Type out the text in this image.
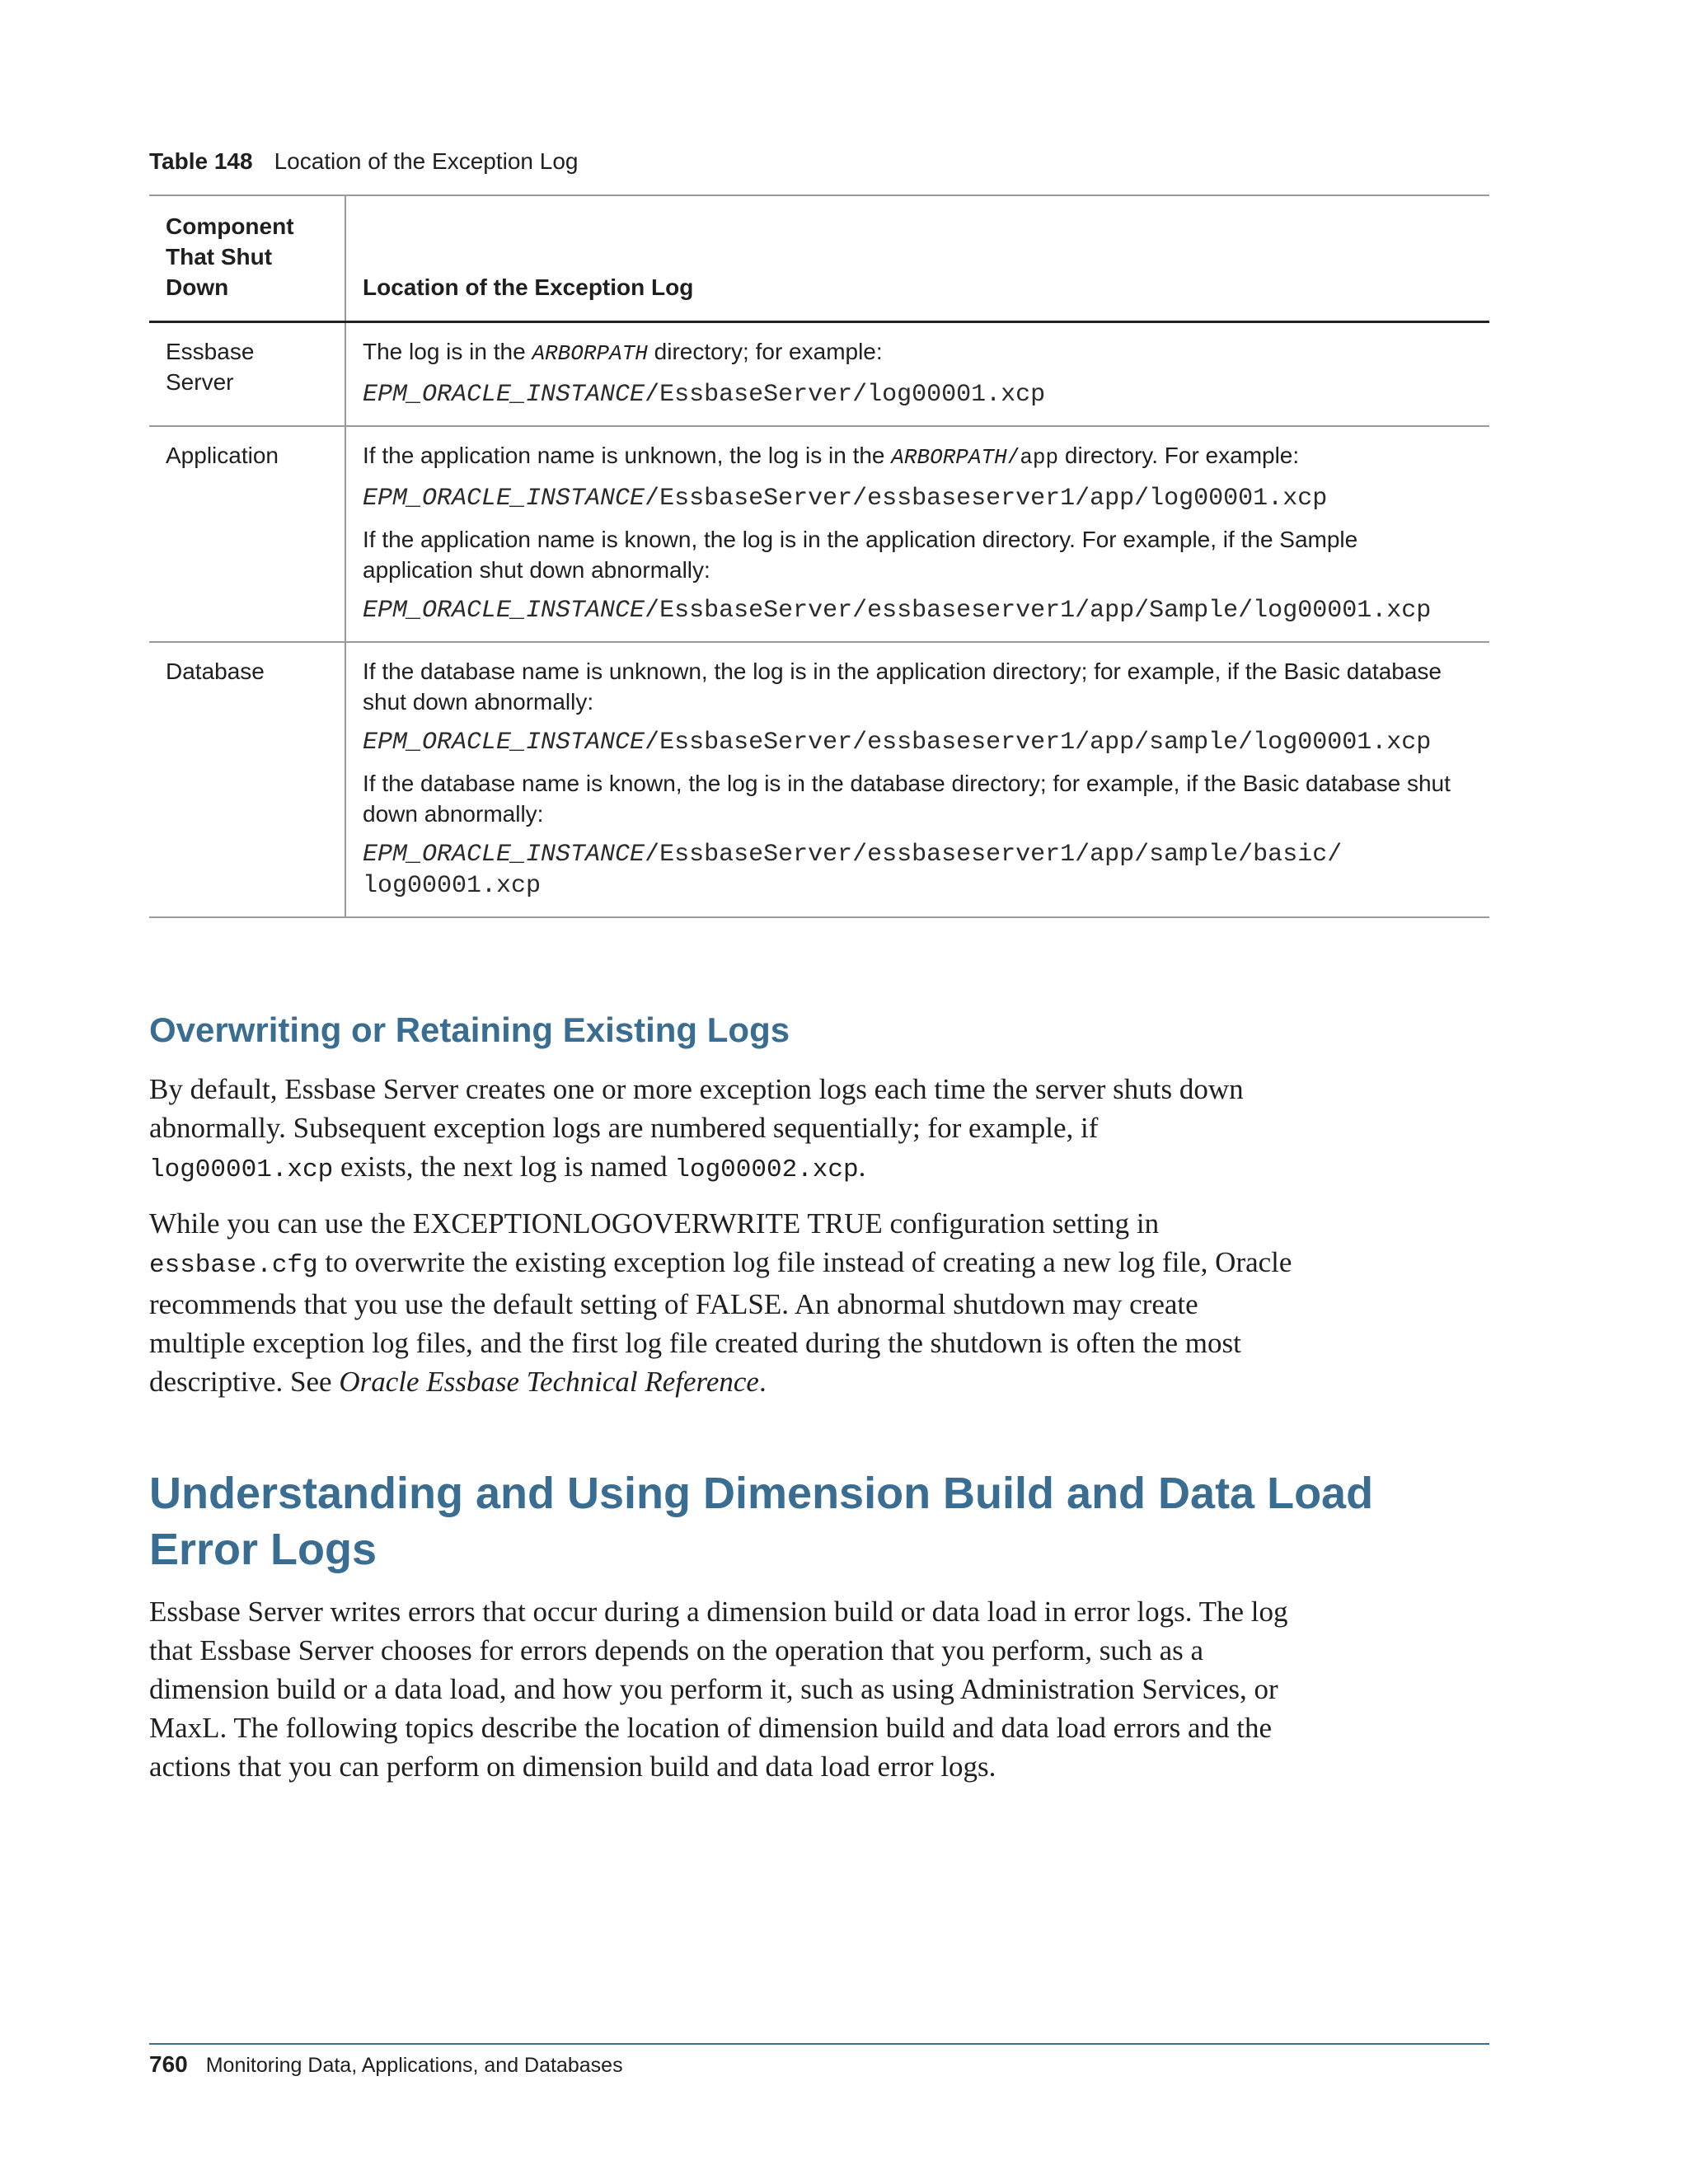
Table 148 Location of the Exception Log
Component That Shut Down	Location of the Exception Log
Essbase Server	The log is in the ARBORPATH directory; for example:

EPM_ORACLE_INSTANCE/EssbaseServer/log00001.xcp

Application	If the application name is unknown, the log is in the ARBORPATH/app directory. For example:

EPM_ORACLE_INSTANCE/EssbaseServer/essbaseserver1/app/log00001.xcp

If the application name is known, the log is in the application directory. For example, if the Sample application shut down abnormally:

EPM_ORACLE_INSTANCE/EssbaseServer/essbaseserver1/app/Sample/log00001.xcp

Database	If the database name is unknown, the log is in the application directory; for example, if the Basic database shut down abnormally:

EPM_ORACLE_INSTANCE/EssbaseServer/essbaseserver1/app/sample/log00001.xcp

If the database name is known, the log is in the database directory; for example, if the Basic database shut down abnormally:

EPM_ORACLE_INSTANCE/EssbaseServer/essbaseserver1/app/sample/basic/
log00001.xcp

Overwriting or Retaining Existing Logs

By default, Essbase Server creates one or more exception logs each time the server shuts down abnormally. Subsequent exception logs are numbered sequentially; for example, if
log00001.xcp exists, the next log is named log00002.xcp.

While you can use the EXCEPTIONLOGOVERWRITE TRUE configuration setting in
essbase.cfg to overwrite the existing exception log file instead of creating a new log file, Oracle recommends that you use the default setting of FALSE. An abnormal shutdown may create multiple exception log files, and the first log file created during the shutdown is often the most descriptive. See Oracle Essbase Technical Reference.

Understanding and Using Dimension Build and Data Load Error Logs

Essbase Server writes errors that occur during a dimension build or data load in error logs. The log that Essbase Server chooses for errors depends on the operation that you perform, such as a dimension build or a data load, and how you perform it, such as using Administration Services, or MaxL. The following topics describe the location of dimension build and data load errors and the actions that you can perform on dimension build and data load error logs.

760 Monitoring Data, Applications, and Databases
